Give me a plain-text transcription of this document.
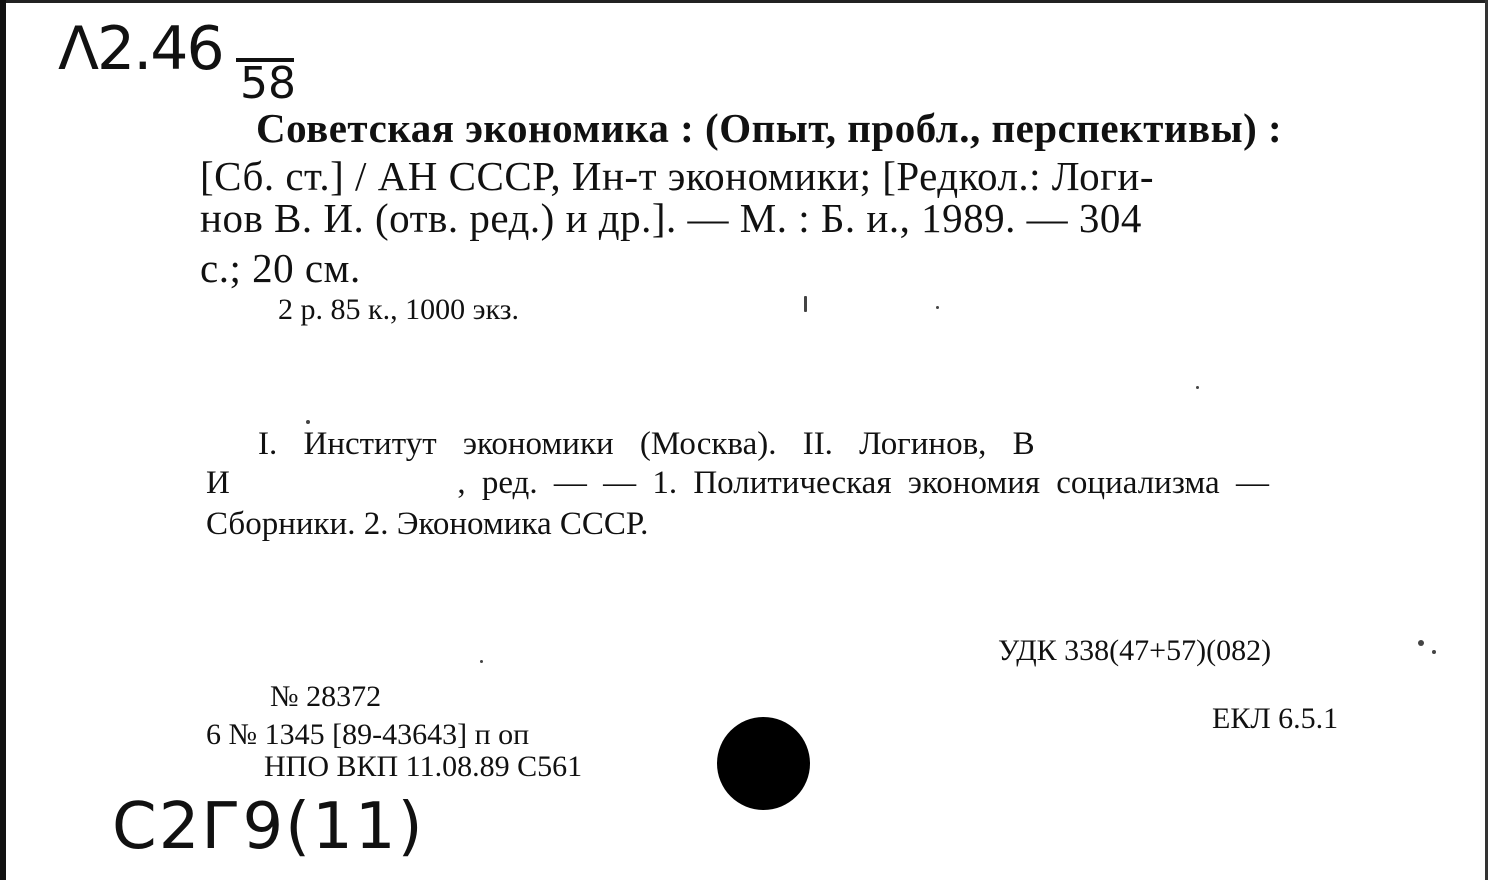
Λ2.46 58
Советская экономика : (Опыт, пробл., перспективы) :
[Сб. ст.] / АН СССР, Ин-т экономики; [Редкол.: Логи-
нов В. И. (отв. ред.) и др.]. — М. : Б. и., 1989. — 304
с.; 20 см.
2 р. 85 к., 1000 экз.
I. Институт экономики (Москва). II. Логинов, В
И              , ред. — — 1. Политическая экономия социализма —
Сборники. 2. Экономика СССР.
УДК 338(47+57)(082)
ЕКЛ 6.5.1
№ 28372
6 № 1345 [89-43643] п оп
НПО ВКП 11.08.89 С561
С2Г9(11)
